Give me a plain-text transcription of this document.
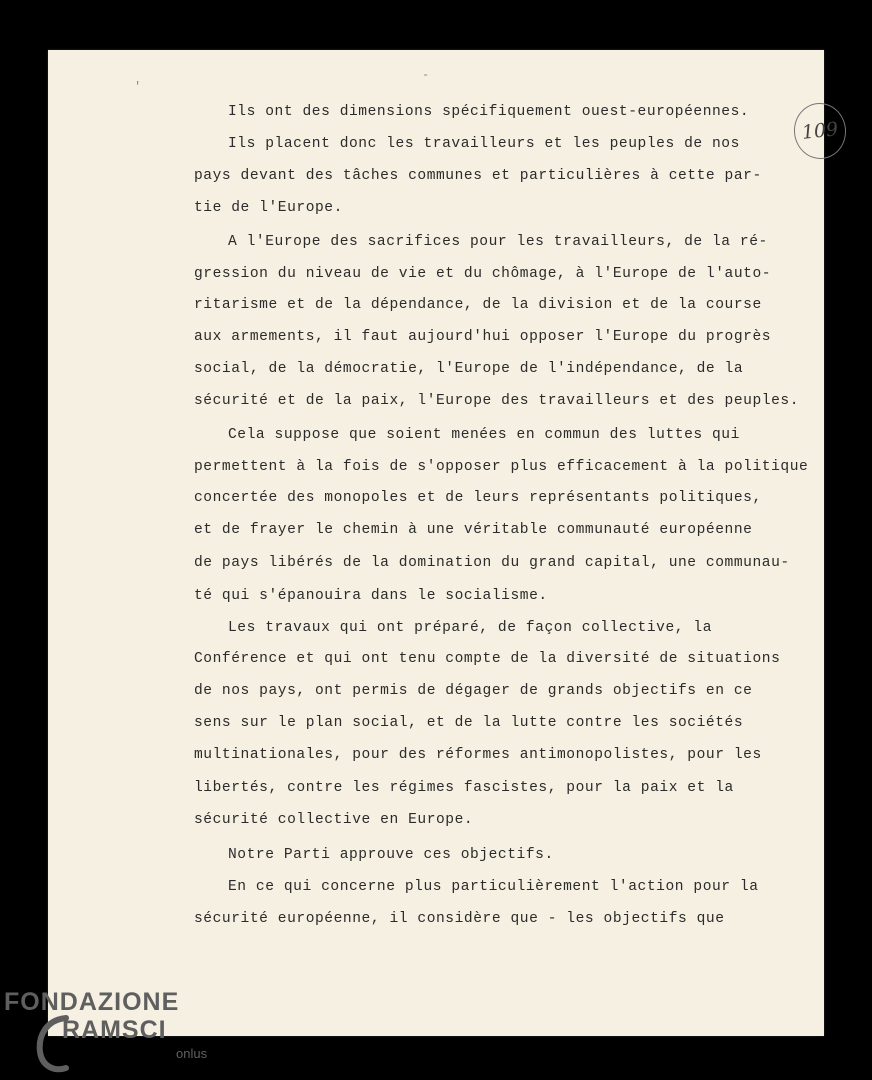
-
'
109
Ils ont des dimensions spécifiquement ouest-européennes.
Ils placent donc les travailleurs et les peuples de nos
pays devant des tâches communes et particulières à cette par-
tie de l'Europe.
A l'Europe des sacrifices pour les travailleurs, de la ré-
gression du niveau de vie et du chômage, à l'Europe de l'auto-
ritarisme et de la dépendance, de la division et de la course
aux armements, il faut aujourd'hui opposer l'Europe du progrès
social, de la démocratie, l'Europe de l'indépendance, de la
sécurité et de la paix, l'Europe des travailleurs et des peuples.
Cela suppose que soient menées en commun des luttes qui
permettent à la fois de s'opposer plus efficacement à la politique
concertée des monopoles et de leurs représentants politiques,
et de frayer le chemin à une véritable communauté européenne
de pays libérés de la domination du grand capital, une communau-
té qui s'épanouira dans le socialisme.
Les travaux qui ont préparé, de façon collective, la
Conférence et qui ont tenu compte de la diversité de situations
de nos pays, ont permis de dégager de grands objectifs en ce
sens sur le plan social, et de la lutte contre les sociétés
multinationales, pour des réformes antimonopolistes, pour les
libertés, contre les régimes fascistes, pour la paix et la
sécurité collective en Europe.
Notre Parti approuve ces objectifs.
En ce qui concerne plus particulièrement l'action pour la
sécurité européenne, il considère que - les objectifs que
FONDAZIONE
RAMSCI
onlus
